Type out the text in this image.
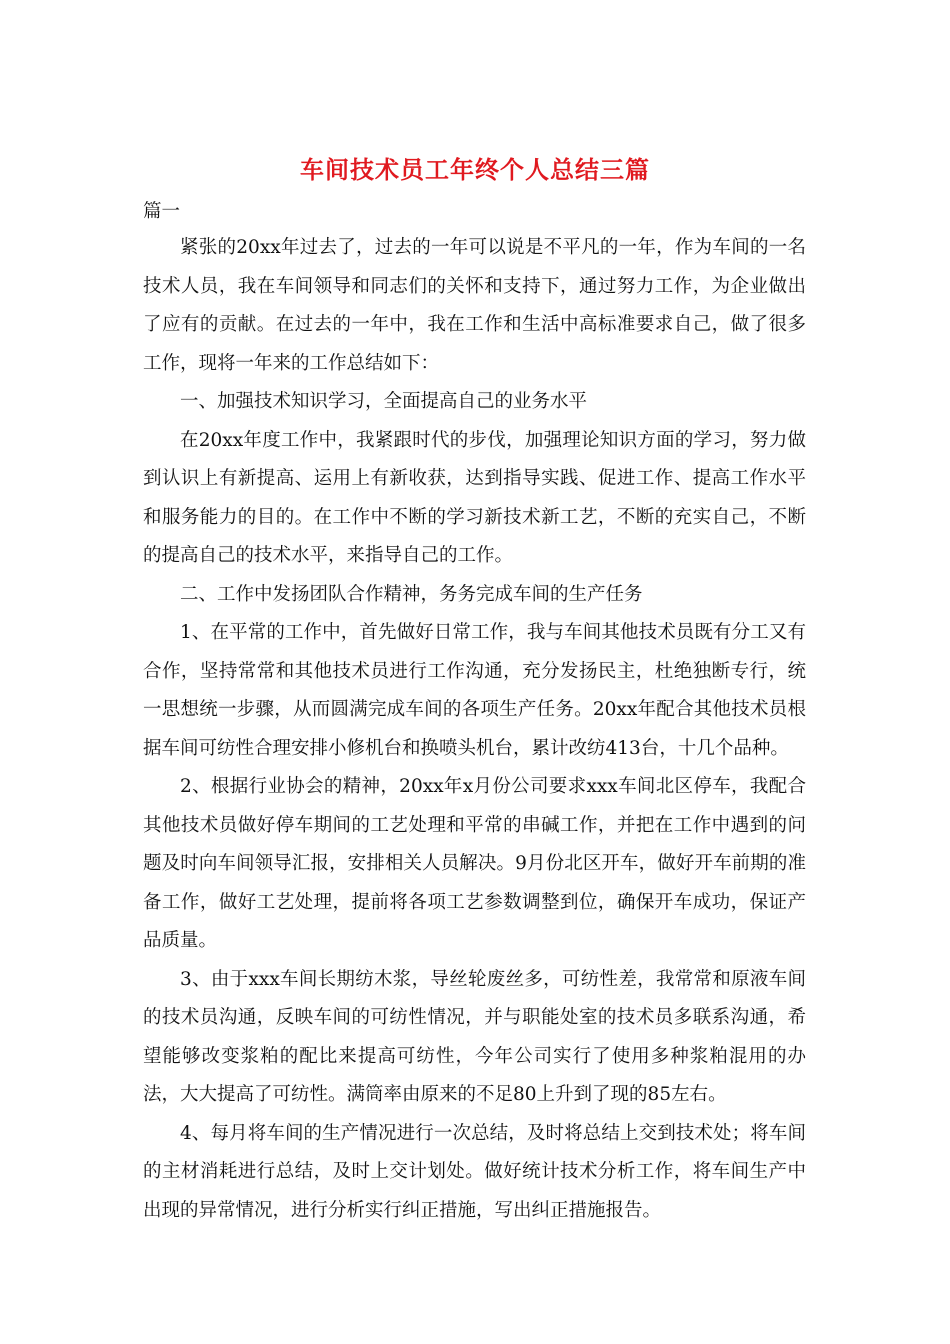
车间技术员工年终个人总结三篇
篇一

紧张的20xx年过去了，过去的一年可以说是不平凡的一年，作为车间的一名技术人员，我在车间领导和同志们的关怀和支持下，通过努力工作，为企业做出了应有的贡献。在过去的一年中，我在工作和生活中高标准要求自己，做了很多工作，现将一年来的工作总结如下：

一、加强技术知识学习，全面提高自己的业务水平

在20xx年度工作中，我紧跟时代的步伐，加强理论知识方面的学习，努力做到认识上有新提高、运用上有新收获，达到指导实践、促进工作、提高工作水平和服务能力的目的。在工作中不断的学习新技术新工艺，不断的充实自己，不断的提高自己的技术水平，来指导自己的工作。

二、工作中发扬团队合作精神，务务完成车间的生产任务

1、在平常的工作中，首先做好日常工作，我与车间其他技术员既有分工又有合作，坚持常常和其他技术员进行工作沟通，充分发扬民主，杜绝独断专行，统一思想统一步骤，从而圆满完成车间的各项生产任务。20xx年配合其他技术员根据车间可纺性合理安排小修机台和换喷头机台，累计改纺413台，十几个品种。

2、根据行业协会的精神，20xx年x月份公司要求xxx车间北区停车，我配合其他技术员做好停车期间的工艺处理和平常的串碱工作，并把在工作中遇到的问题及时向车间领导汇报，安排相关人员解决。9月份北区开车，做好开车前期的准备工作，做好工艺处理，提前将各项工艺参数调整到位，确保开车成功，保证产品质量。

3、由于xxx车间长期纺木浆，导丝轮废丝多，可纺性差，我常常和原液车间的技术员沟通，反映车间的可纺性情况，并与职能处室的技术员多联系沟通，希望能够改变浆粕的配比来提高可纺性，今年公司实行了使用多种浆粕混用的办法，大大提高了可纺性。满筒率由原来的不足80上升到了现的85左右。

4、每月将车间的生产情况进行一次总结，及时将总结上交到技术处；将车间的主材消耗进行总结，及时上交计划处。做好统计技术分析工作，将车间生产中出现的异常情况，进行分析实行纠正措施，写出纠正措施报告。
